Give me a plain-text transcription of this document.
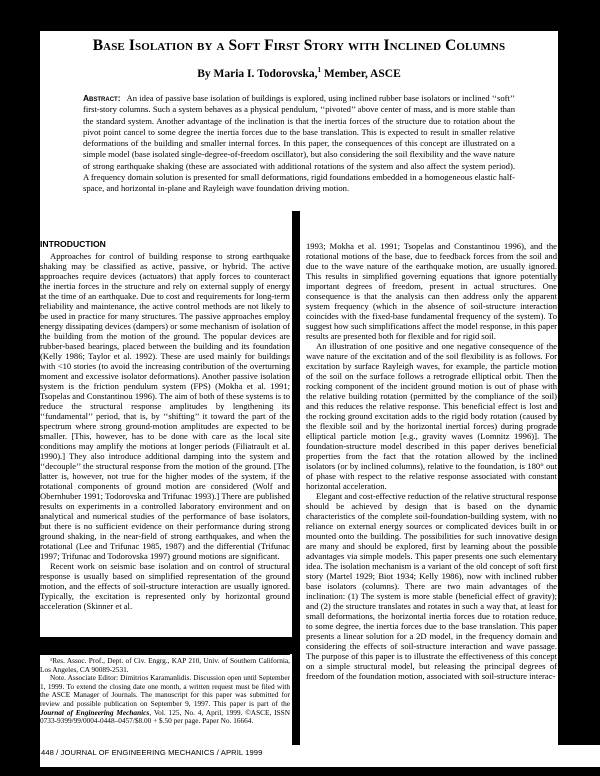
Base Isolation by a Soft First Story with Inclined Columns
By Maria I. Todorovska,$^1$ Member, ASCE
Abstract: An idea of passive base isolation of buildings is explored, using inclined rubber base isolators or inclined ‘‘soft’’ first-story columns. Such a system behaves as a physical pendulum, ‘‘pivoted’’ above center of mass, and is more stable than the standard system. Another advantage of the inclination is that the inertia forces of the structure due to rotation about the pivot point cancel to some degree the inertia forces due to the base translation. This is expected to result in smaller relative deformations of the building and smaller internal forces. In this paper, the consequences of this concept are illustrated on a simple model (base isolated single-degree-of-freedom oscillator), but also considering the soil flexibility and the wave nature of strong earthquake shaking (these are associated with additional rotations of the system and also affect the system period). A frequency domain solution is presented for small deformations, rigid foundations embedded in a homogeneous elastic half-space, and horizontal in-plane and Rayleigh wave foundation driving motion.
INTRODUCTION

Approaches for control of building response to strong earthquake shaking may be classified as active, passive, or hybrid. The active approaches require devices (actuators) that apply forces to counteract the inertia forces in the structure and rely on external supply of energy at the time of an earthquake. Due to cost and requirements for long-term reliability and maintenance, the active control methods are not likely to be used in practice for many structures. The passive approaches employ energy dissipating devices (dampers) or some mechanism of isolation of the building from the motion of the ground. The popular devices are rubber-based bearings, placed between the building and its foundation (Kelly 1986; Taylor et al. 1992). These are used mainly for buildings with <10 stories (to avoid the increasing contribution of the overturning moment and excessive isolator deformations). Another passive isolation system is the friction pendulum system (FPS) (Mokha et al. 1991; Tsopelas and Constantinou 1996). The aim of both of these systems is to reduce the structural response amplitudes by lengthening its ‘‘fundamental’’ period, that is, by ‘‘shifting’’ it toward the part of the spectrum where strong ground-motion amplitudes are expected to be smaller. [This, however, has to be done with care as the local site conditions may amplify the motions at longer periods (Filiatrault et al. 1990).] They also introduce additional damping into the system and ‘‘decouple’’ the structural response from the motion of the ground. [The latter is, however, not true for the higher modes of the system, if the rotational components of ground motion are considered (Wolf and Obernhuber 1991; Todorovska and Trifunac 1993).] There are published results on experiments in a controlled laboratory environment and on analytical and numerical studies of the performance of base isolators, but there is no sufficient evidence on their performance during strong ground shaking, in the near-field of strong earthquakes, and when the rotational (Lee and Trifunac 1985, 1987) and the differential (Trifunac 1997; Trifunac and Todorovska 1997) ground motions are significant.

Recent work on seismic base isolation and on control of structural response is usually based on simplified representation of the ground motion, and the effects of soil-structure interaction are usually ignored. Typically, the excitation is represented only by horizontal ground acceleration (Skinner et al.

¹Res. Assoc. Prof., Dept. of Civ. Engrg., KAP 210, Univ. of Southern California, Los Angeles, CA 90089-2531.

Note. Associate Editor: Dimitrios Karamanlidis. Discussion open until September 1, 1999. To extend the closing date one month, a written request must be filed with the ASCE Manager of Journals. The manuscript for this paper was submitted for review and possible publication on September 9, 1997. This paper is part of the Journal of Engineering Mechanics, Vol. 125, No. 4, April, 1999. ©ASCE, ISSN 0733-9399/99/0004-0448–0457/$8.00 + $.50 per page. Paper No. 16664.

1993; Mokha et al. 1991; Tsopelas and Constantinou 1996), and the rotational motions of the base, due to feedback forces from the soil and due to the wave nature of the earthquake motion, are usually ignored. This results in simplified governing equations that ignore potentially important degrees of freedom, present in actual structures. One consequence is that the analysis can then address only the apparent system frequency (which in the absence of soil-structure interaction coincides with the fixed-base fundamental frequency of the system). To suggest how such simplifications affect the model response, in this paper results are presented both for flexible and for rigid soil.

An illustration of one positive and one negative consequence of the wave nature of the excitation and of the soil flexibility is as follows. For excitation by surface Rayleigh waves, for example, the particle motion of the soil on the surface follows a retrograde elliptical orbit. Then the rocking component of the incident ground motion is out of phase with the relative building rotation (permitted by the compliance of the soil) and this reduces the relative response. This beneficial effect is lost and the rocking ground excitation adds to the rigid body rotation (caused by the flexible soil and by the horizontal inertial forces) during prograde elliptical particle motion [e.g., gravity waves (Lomnitz 1996)]. The foundation-structure model described in this paper derives beneficial properties from the fact that the rotation allowed by the inclined isolators (or by inclined columns), relative to the foundation, is 180° out of phase with respect to the relative response associated with constant horizontal acceleration.

Elegant and cost-effective reduction of the relative structural response should be achieved by design that is based on the dynamic characteristics of the complete soil-foundation-building system, with no reliance on external energy sources or complicated devices built in or mounted onto the building. The possibilities for such innovative design are many and should be explored, first by learning about the possible advantages via simple models. This paper presents one such elementary idea. The isolation mechanism is a variant of the old concept of soft first story (Martel 1929; Biot 1934; Kelly 1986), now with inclined rubber base isolators (columns). There are two main advantages of the inclination: (1) The system is more stable (beneficial effect of gravity); and (2) the structure translates and rotates in such a way that, at least for small deformations, the horizontal inertia forces due to rotation reduce, to some degree, the inertia forces due to the base translation. This paper presents a linear solution for a 2D model, in the frequency domain and considering the effects of soil-structure interaction and wave passage. The purpose of this paper is to illustrate the effectiveness of this concept on a simple structural model, but releasing the principal degrees of freedom of the foundation motion, associated with soil-structure interac-

448 / JOURNAL OF ENGINEERING MECHANICS / APRIL 1999
